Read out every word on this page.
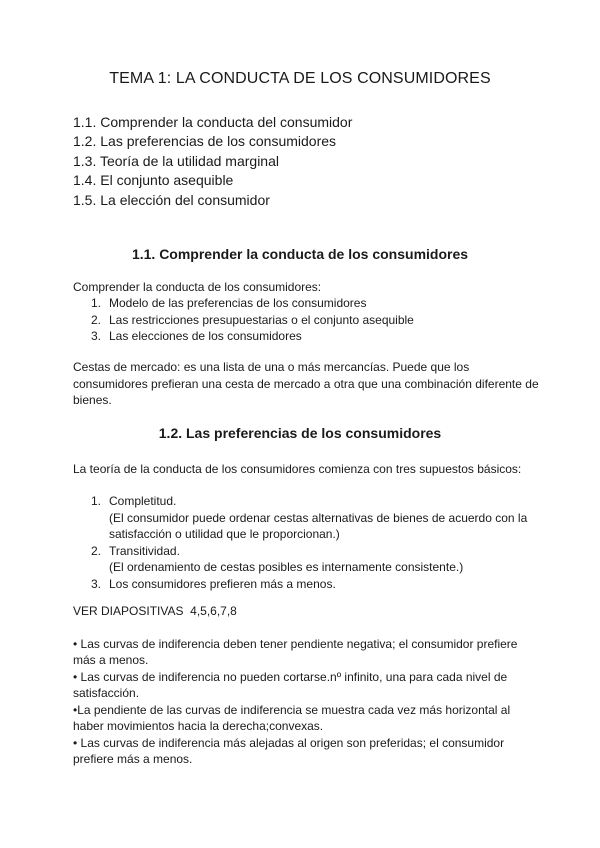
TEMA 1: LA CONDUCTA DE LOS CONSUMIDORES
1.1. Comprender la conducta del consumidor
1.2. Las preferencias de los consumidores
1.3. Teoría de la utilidad marginal
1.4. El conjunto asequible
1.5. La elección del consumidor
1.1. Comprender la conducta de los consumidores
Comprender la conducta de los consumidores:
1. Modelo de las preferencias de los consumidores
2. Las restricciones presupuestarias o el conjunto asequible
3. Las elecciones de los consumidores
Cestas de mercado: es una lista de una o más mercancías. Puede que los consumidores prefieran una cesta de mercado a otra que una combinación diferente de bienes.
1.2. Las preferencias de los consumidores
La teoría de la conducta de los consumidores comienza con tres supuestos básicos:
1. Completitud.
(El consumidor puede ordenar cestas alternativas de bienes de acuerdo con la satisfacción o utilidad que le proporcionan.)
2. Transitividad.
(El ordenamiento de cestas posibles es internamente consistente.)
3. Los consumidores prefieren más a menos.
VER DIAPOSITIVAS  4,5,6,7,8
• Las curvas de indiferencia deben tener pendiente negativa; el consumidor prefiere más a menos.
• Las curvas de indiferencia no pueden cortarse.nº infinito, una para cada nivel de satisfacción.
•La pendiente de las curvas de indiferencia se muestra cada vez más horizontal al haber movimientos hacia la derecha;convexas.
• Las curvas de indiferencia más alejadas al origen son preferidas; el consumidor prefiere más a menos.
